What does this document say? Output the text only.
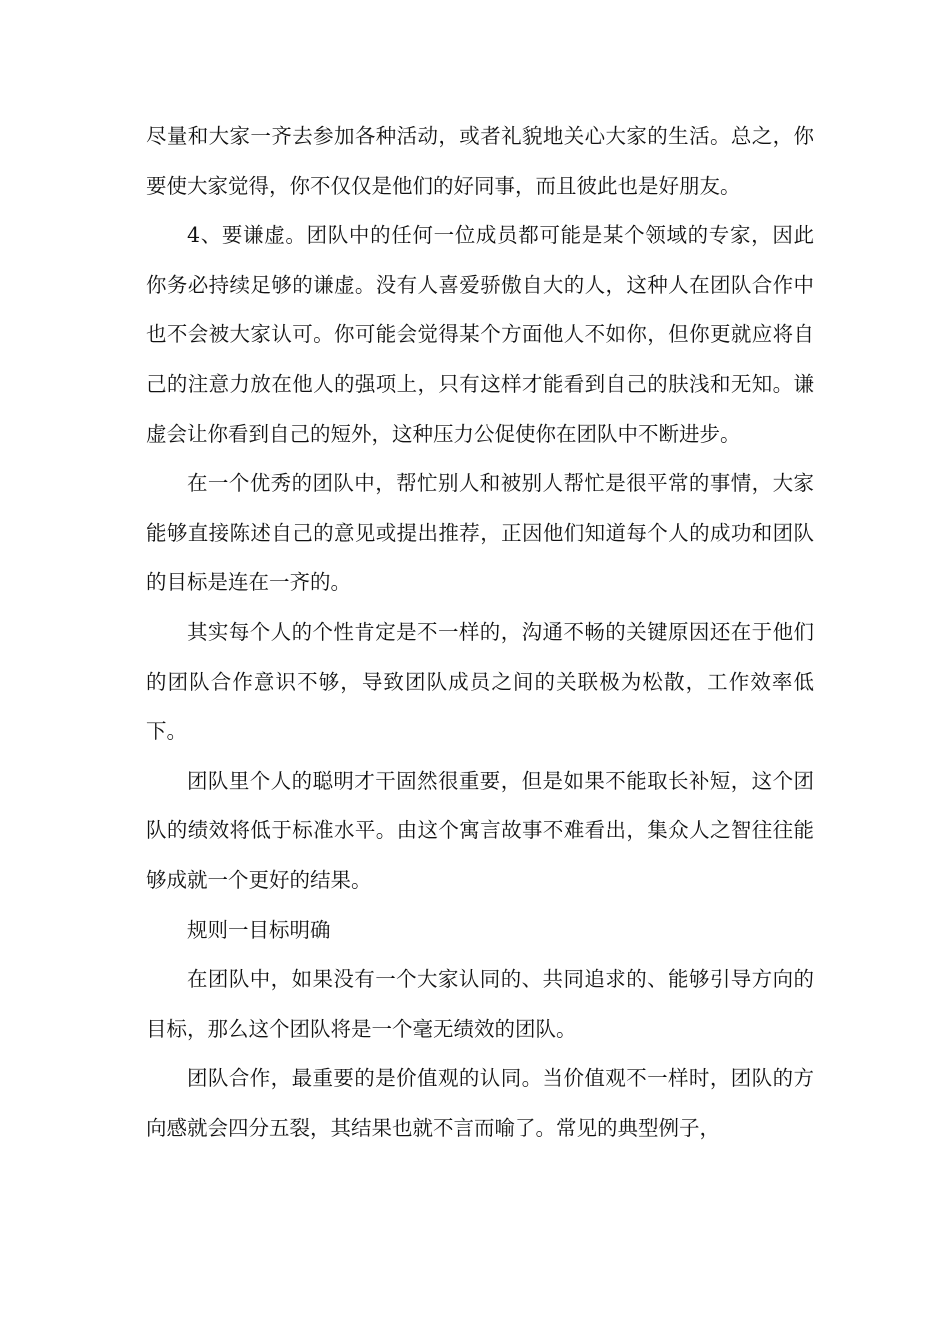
尽量和大家一齐去参加各种活动，或者礼貌地关心大家的生活。总之，你要使大家觉得，你不仅仅是他们的好同事，而且彼此也是好朋友。

4、要谦虚。团队中的任何一位成员都可能是某个领域的专家，因此你务必持续足够的谦虚。没有人喜爱骄傲自大的人，这种人在团队合作中也不会被大家认可。你可能会觉得某个方面他人不如你，但你更就应将自己的注意力放在他人的强项上，只有这样才能看到自己的肤浅和无知。谦虚会让你看到自己的短外，这种压力公促使你在团队中不断进步。

在一个优秀的团队中，帮忙别人和被别人帮忙是很平常的事情，大家能够直接陈述自己的意见或提出推荐，正因他们知道每个人的成功和团队的目标是连在一齐的。

其实每个人的个性肯定是不一样的，沟通不畅的关键原因还在于他们的团队合作意识不够，导致团队成员之间的关联极为松散，工作效率低下。

团队里个人的聪明才干固然很重要，但是如果不能取长补短，这个团队的绩效将低于标准水平。由这个寓言故事不难看出，集众人之智往往能够成就一个更好的结果。

规则一目标明确

在团队中，如果没有一个大家认同的、共同追求的、能够引导方向的目标，那么这个团队将是一个毫无绩效的团队。

团队合作，最重要的是价值观的认同。当价值观不一样时，团队的方向感就会四分五裂，其结果也就不言而喻了。常见的典型例子，
